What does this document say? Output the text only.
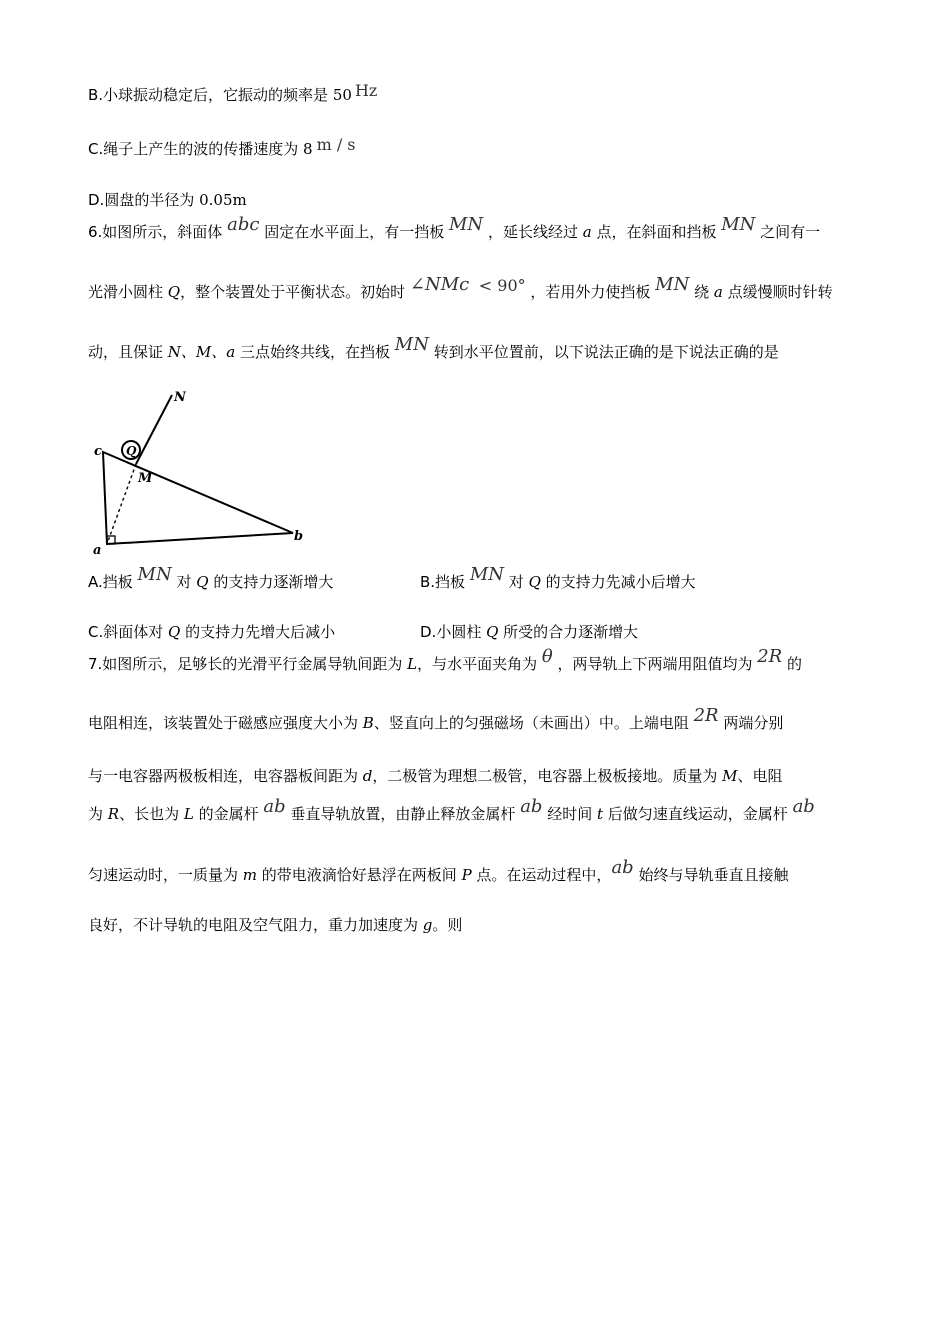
B.小球振动稳定后，它振动的频率是 50 Hz
C.绳子上产生的波的传播速度为 8 m / s
D.圆盘的半径为 0.05m
6.如图所示，斜面体 abc 固定在水平面上，有一挡板 MN ，延长线经过 a 点，在斜面和挡板 MN 之间有一
光滑小圆柱 Q，整个装置处于平衡状态。初始时 ∠NMc < 90° ，若用外力使挡板 MN 绕 a 点缓慢顺时针转
动，且保证 N、M、a 三点始终共线，在挡板 MN 转到水平位置前，以下说法正确的是下说法正确的是
N
Q
M
c
a
b
A.挡板 MN 对 Q 的支持力逐渐增大	B.挡板 MN 对 Q 的支持力先减小后增大
C.斜面体对 Q 的支持力先增大后减小	D.小圆柱 Q 所受的合力逐渐增大
7.如图所示，足够长的光滑平行金属导轨间距为 L，与水平面夹角为 θ ，两导轨上下两端用阻值均为 2R 的
电阻相连，该装置处于磁感应强度大小为 B、竖直向上的匀强磁场（未画出）中。上端电阻 2R 两端分别
与一电容器两极板相连，电容器板间距为 d，二极管为理想二极管，电容器上极板接地。质量为 M、电阻
为 R、长也为 L 的金属杆 ab 垂直导轨放置，由静止释放金属杆 ab 经时间 t 后做匀速直线运动，金属杆 ab
匀速运动时，一质量为 m 的带电液滴恰好悬浮在两板间 P 点。在运动过程中，ab 始终与导轨垂直且接触
良好，不计导轨的电阻及空气阻力，重力加速度为 g。则
